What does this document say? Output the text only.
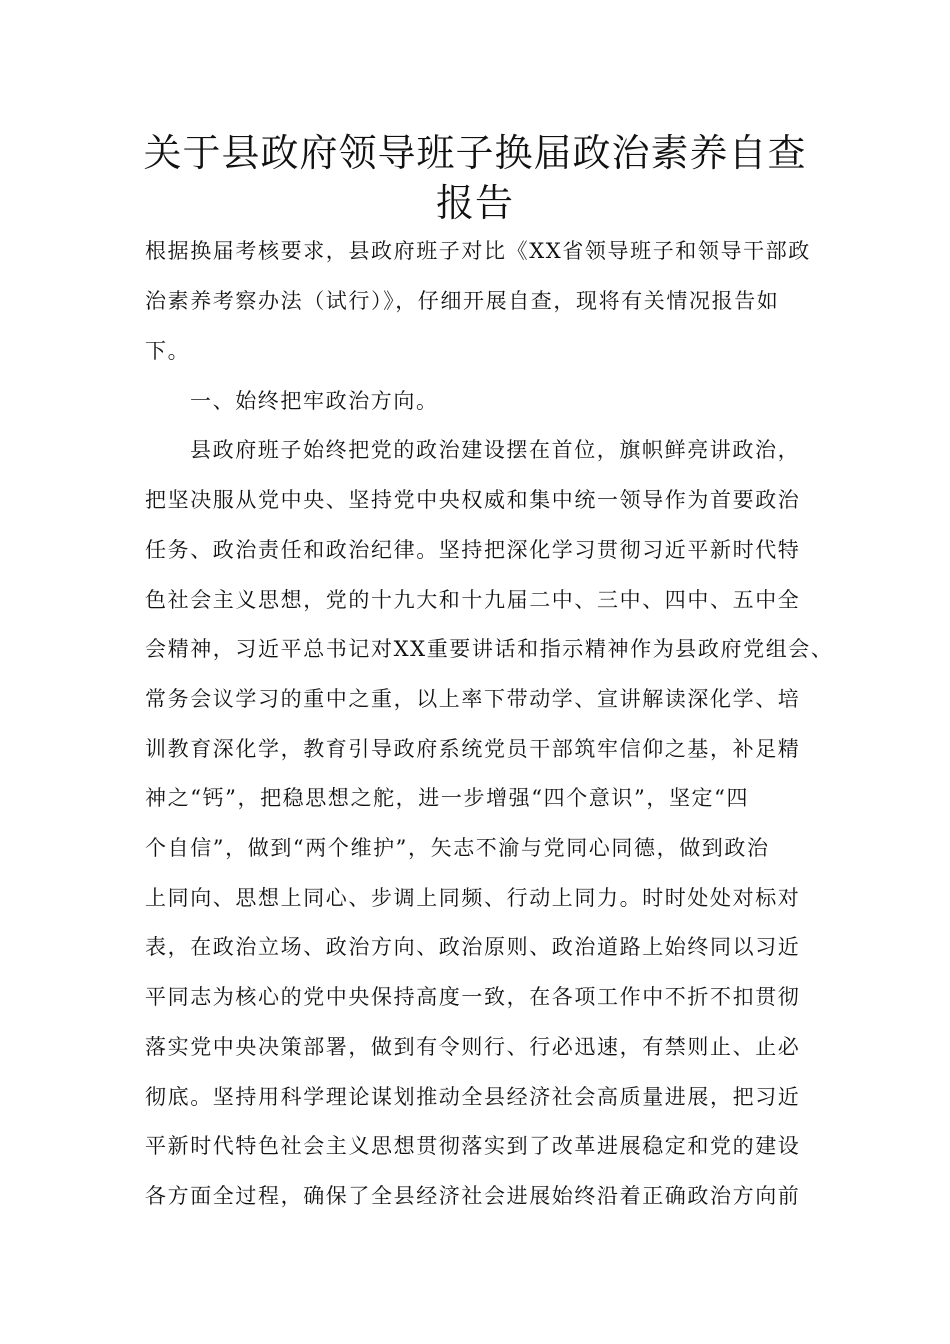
关于县政府领导班子换届政治素养自查
报告

根据换届考核要求，县政府班子对比《XX省领导班子和领导干部政

治素养考察办法（试行）》，仔细开展自查，现将有关情况报告如

下。

一、始终把牢政治方向。

县政府班子始终把党的政治建设摆在首位，旗帜鲜亮讲政治，

把坚决服从党中央、坚持党中央权威和集中统一领导作为首要政治

任务、政治责任和政治纪律。坚持把深化学习贯彻习近平新时代特

色社会主义思想，党的十九大和十九届二中、三中、四中、五中全

会精神，习近平总书记对XX重要讲话和指示精神作为县政府党组会、

常务会议学习的重中之重，以上率下带动学、宣讲解读深化学、培

训教育深化学，教育引导政府系统党员干部筑牢信仰之基，补足精

神之“钙”，把稳思想之舵，进一步增强“四个意识”，坚定“四

个自信”，做到“两个维护”，矢志不渝与党同心同德，做到政治

上同向、思想上同心、步调上同频、行动上同力。时时处处对标对

表，在政治立场、政治方向、政治原则、政治道路上始终同以习近

平同志为核心的党中央保持高度一致，在各项工作中不折不扣贯彻

落实党中央决策部署，做到有令则行、行必迅速，有禁则止、止必

彻底。坚持用科学理论谋划推动全县经济社会高质量进展，把习近

平新时代特色社会主义思想贯彻落实到了改革进展稳定和党的建设

各方面全过程，确保了全县经济社会进展始终沿着正确政治方向前
